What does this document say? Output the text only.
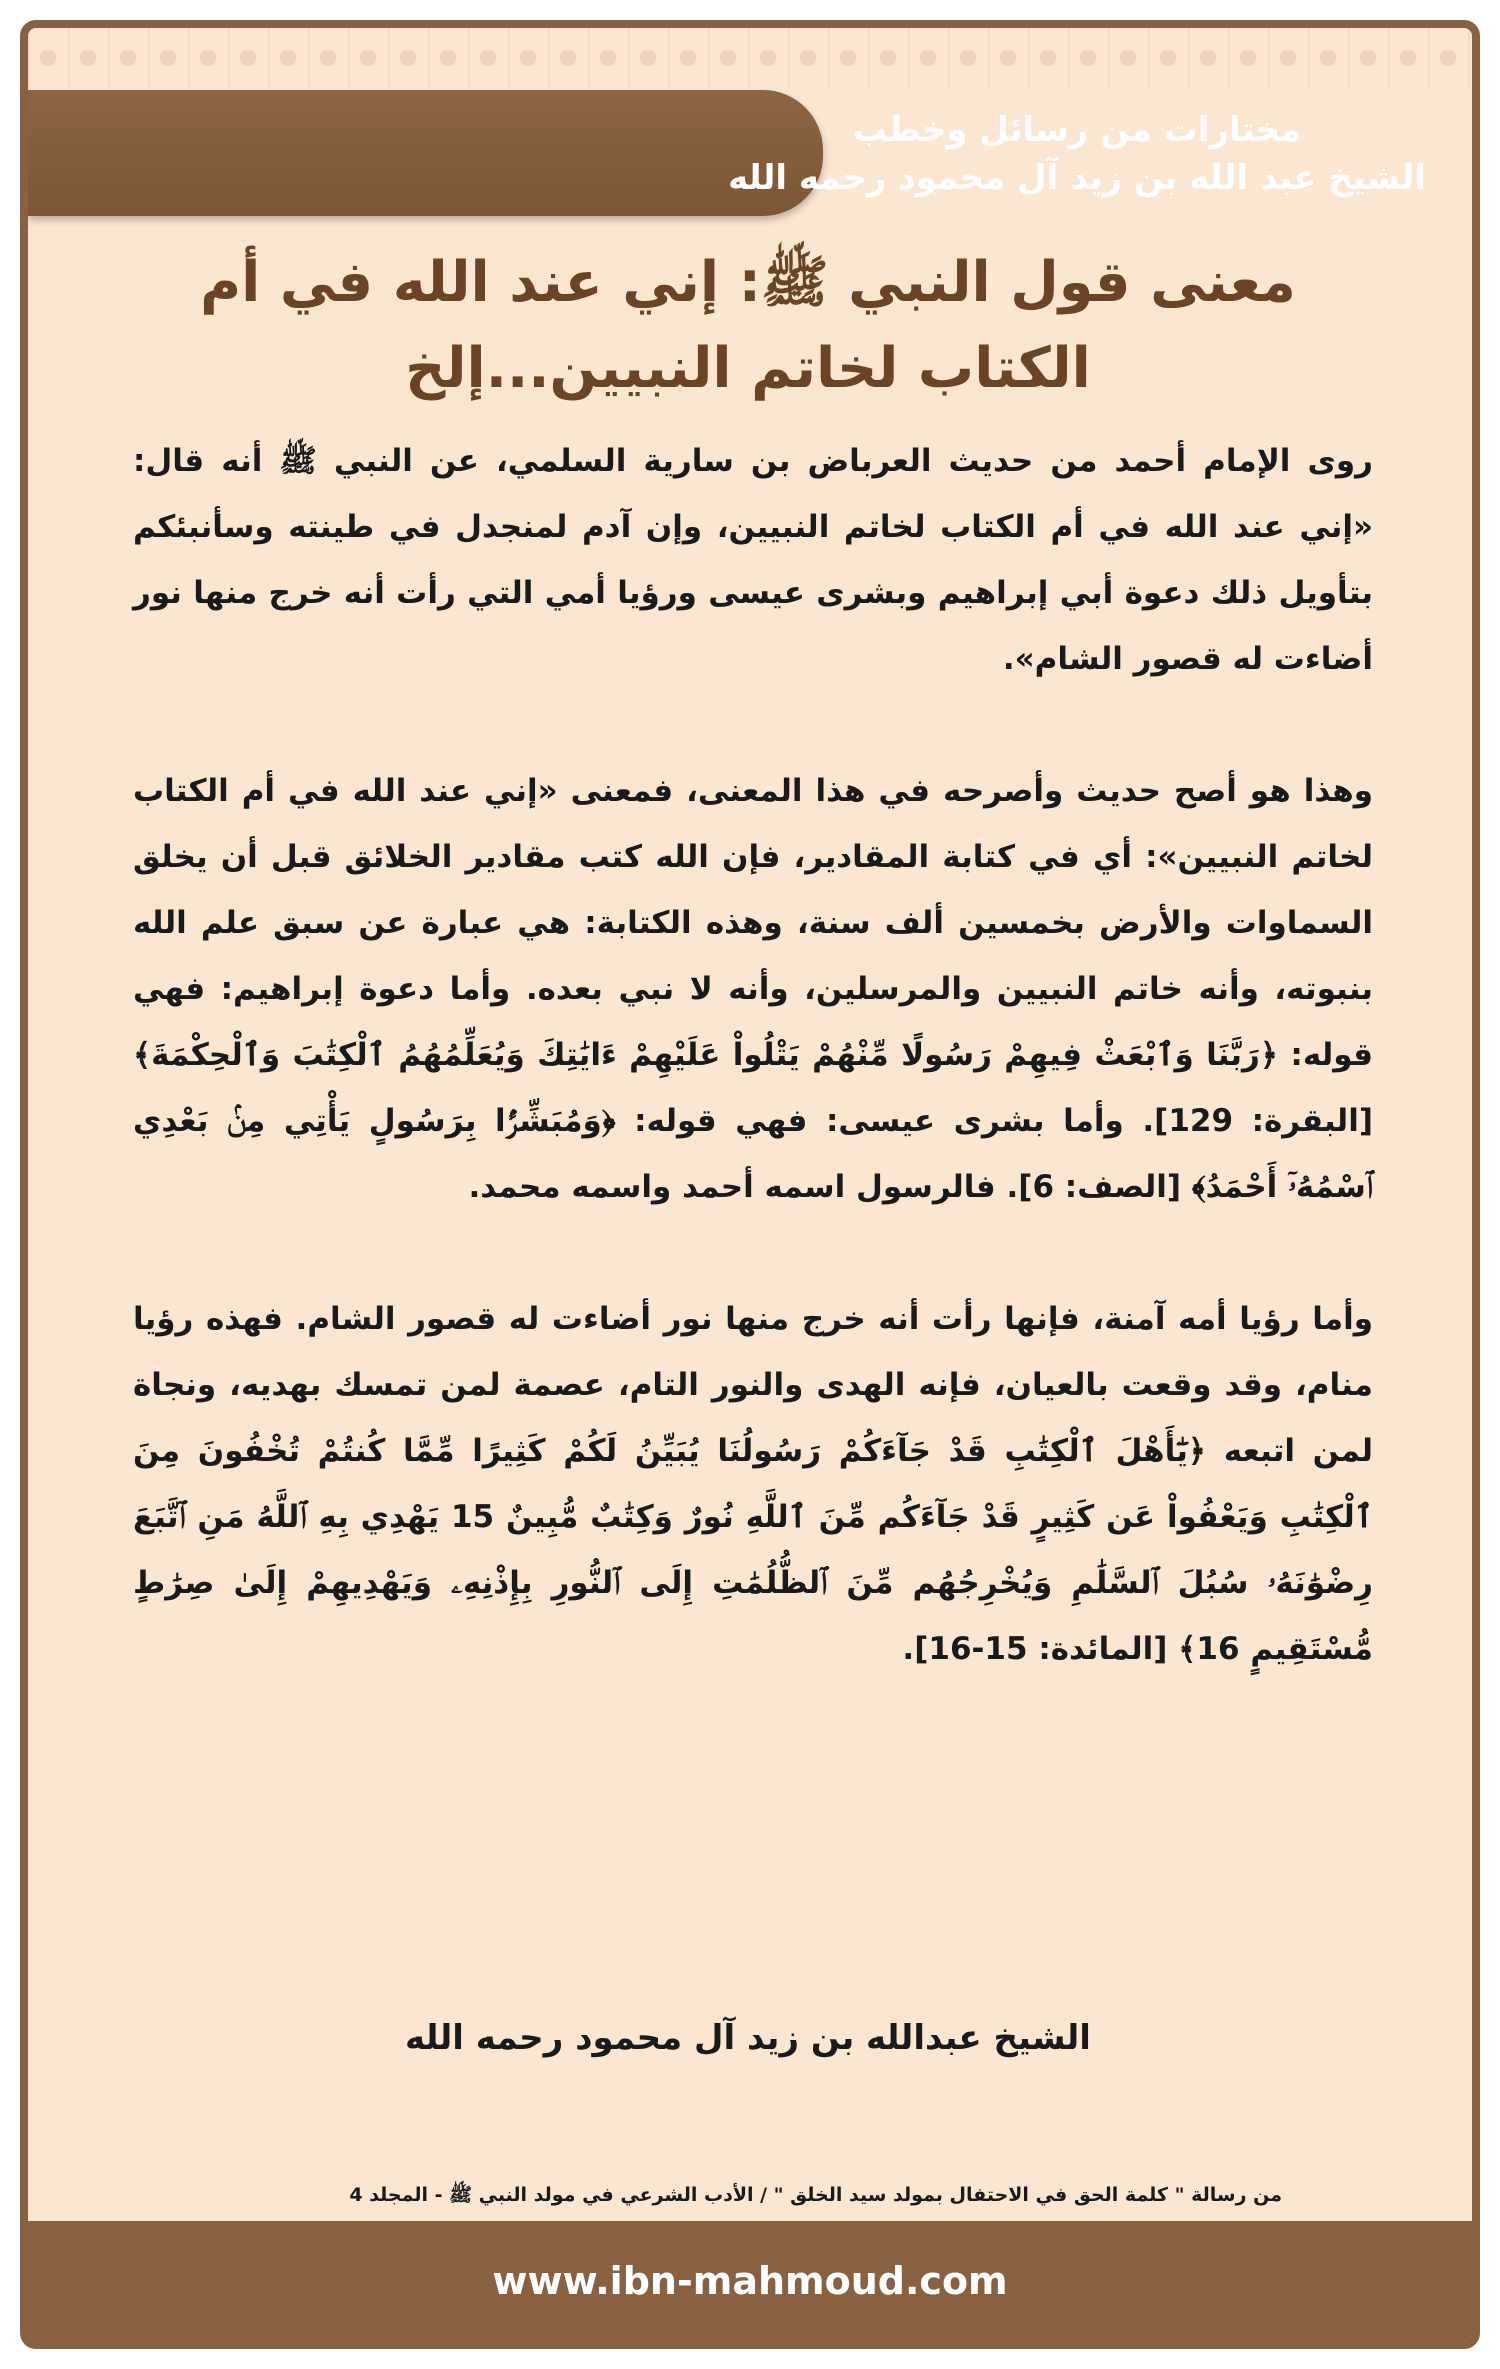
مختارات من رسائل وخطب
الشيخ عبد الله بن زيد آل محمود رحمه الله
معنى قول النبي ﷺ: إني عند الله في أم الكتاب لخاتم النبيين...إلخ

روى الإمام أحمد من حديث العرباض بن سارية السلمي، عن النبي ﷺ أنه قال: «إني عند الله في أم الكتاب لخاتم النبيين، وإن آدم لمنجدل في طينته وسأنبئكم بتأويل ذلك دعوة أبي إبراهيم وبشرى عيسى ورؤيا أمي التي رأت أنه خرج منها نور أضاءت له قصور الشام».

وهذا هو أصح حديث وأصرحه في هذا المعنى، فمعنى «إني عند الله في أم الكتاب لخاتم النبيين»: أي في كتابة المقادير، فإن الله كتب مقادير الخلائق قبل أن يخلق السماوات والأرض بخمسين ألف سنة، وهذه الكتابة: هي عبارة عن سبق علم الله بنبوته، وأنه خاتم النبيين والمرسلين، وأنه لا نبي بعده. وأما دعوة إبراهيم: فهي قوله: ﴿رَبَّنَا وَٱبْعَثْ فِيهِمْ رَسُولًا مِّنْهُمْ يَتْلُواْ عَلَيْهِمْ ءَايَٰتِكَ وَيُعَلِّمُهُمُ ٱلْكِتَٰبَ وَٱلْحِكْمَةَ﴾ [البقرة: 129]. وأما بشرى عيسى: فهي قوله: ﴿وَمُبَشِّرًۢا بِرَسُولٍ يَأْتِي مِنۢ بَعْدِي ٱسْمُهُۥٓ أَحْمَدُ﴾ [الصف: 6]. فالرسول اسمه أحمد واسمه محمد.

وأما رؤيا أمه آمنة، فإنها رأت أنه خرج منها نور أضاءت له قصور الشام. فهذه رؤيا منام، وقد وقعت بالعيان، فإنه الهدى والنور التام، عصمة لمن تمسك بهديه، ونجاة لمن اتبعه ﴿يَٰٓأَهْلَ ٱلْكِتَٰبِ قَدْ جَآءَكُمْ رَسُولُنَا يُبَيِّنُ لَكُمْ كَثِيرًا مِّمَّا كُنتُمْ تُخْفُونَ مِنَ ٱلْكِتَٰبِ وَيَعْفُواْ عَن كَثِيرٍ قَدْ جَآءَكُم مِّنَ ٱللَّهِ نُورٌ وَكِتَٰبٌ مُّبِينٌ 15 يَهْدِي بِهِ ٱللَّهُ مَنِ ٱتَّبَعَ رِضْوَٰنَهُۥ سُبُلَ ٱلسَّلَٰمِ وَيُخْرِجُهُم مِّنَ ٱلظُّلُمَٰتِ إِلَى ٱلنُّورِ بِإِذْنِهِۦ وَيَهْدِيهِمْ إِلَىٰ صِرَٰطٍ مُّسْتَقِيمٍ 16﴾ [المائدة: 15-16].

الشيخ عبدالله بن زيد آل محمود رحمه الله
من رسالة " كلمة الحق في الاحتفال بمولد سيد الخلق " / الأدب الشرعي في مولد النبي ﷺ - المجلد 4
www.ibn-mahmoud.com
